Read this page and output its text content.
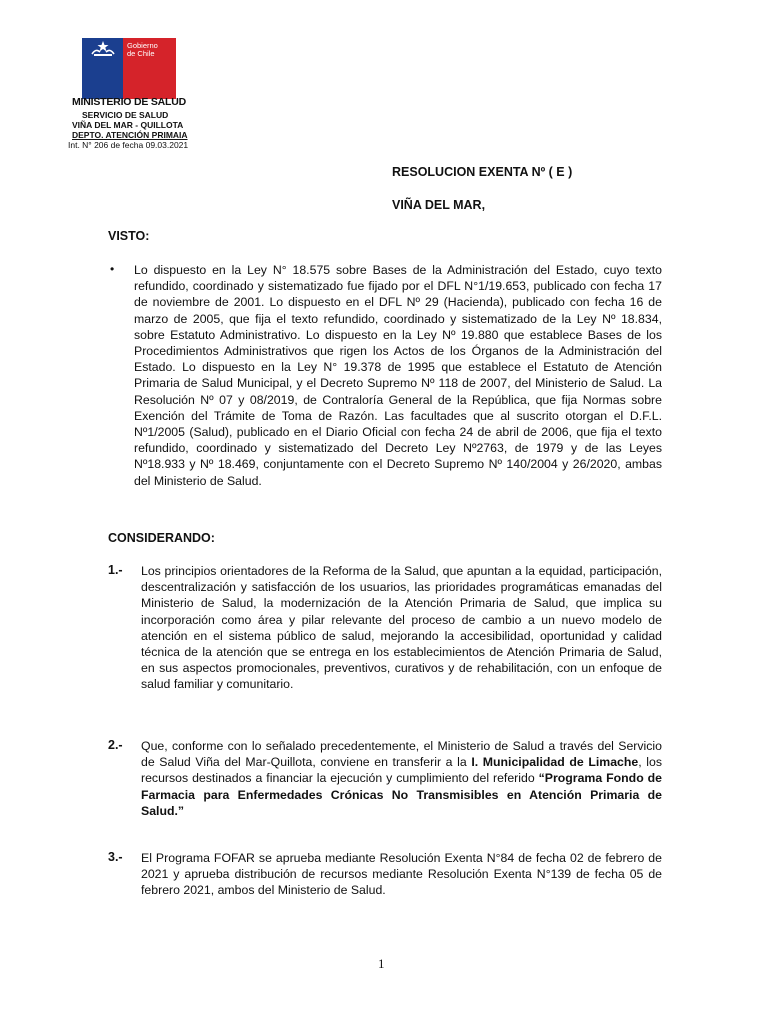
Gobierno
de Chile
MINISTERIO DE SALUD
SERVICIO DE SALUD
VIÑA DEL MAR - QUILLOTA
DEPTO. ATENCIÓN PRIMAIA
Int. N° 206 de fecha 09.03.2021
RESOLUCION EXENTA Nº ( E )
VIÑA DEL MAR,
VISTO:
• Lo dispuesto en la Ley N° 18.575 sobre Bases de la Administración del Estado, cuyo texto refundido, coordinado y sistematizado fue fijado por el DFL N°1/19.653, publicado con fecha 17 de noviembre de 2001. Lo dispuesto en el DFL Nº 29 (Hacienda), publicado con fecha 16 de marzo de 2005, que fija el texto refundido, coordinado y sistematizado de la Ley Nº 18.834, sobre Estatuto Administrativo. Lo dispuesto en la Ley Nº 19.880 que establece Bases de los Procedimientos Administrativos que rigen los Actos de los Órganos de la Administración del Estado. Lo dispuesto en la Ley N° 19.378 de 1995 que establece el Estatuto de Atención Primaria de Salud Municipal, y el Decreto Supremo Nº 118 de 2007, del Ministerio de Salud. La Resolución Nº 07 y 08/2019, de Contraloría General de la República, que fija Normas sobre Exención del Trámite de Toma de Razón. Las facultades que al suscrito otorgan el D.F.L. Nº1/2005 (Salud), publicado en el Diario Oficial con fecha 24 de abril de 2006, que fija el texto refundido, coordinado y sistematizado del Decreto Ley Nº2763, de 1979 y de las Leyes Nº18.933 y Nº 18.469, conjuntamente con el Decreto Supremo Nº 140/2004 y 26/2020, ambas del Ministerio de Salud.
CONSIDERANDO:
1.- Los principios orientadores de la Reforma de la Salud, que apuntan a la equidad, participación, descentralización y satisfacción de los usuarios, las prioridades programáticas emanadas del Ministerio de Salud, la modernización de la Atención Primaria de Salud, que implica su incorporación como área y pilar relevante del proceso de cambio a un nuevo modelo de atención en el sistema público de salud, mejorando la accesibilidad, oportunidad y calidad técnica de la atención que se entrega en los establecimientos de Atención Primaria de Salud, en sus aspectos promocionales, preventivos, curativos y de rehabilitación, con un enfoque de salud familiar y comunitario.
2.- Que, conforme con lo señalado precedentemente, el Ministerio de Salud a través del Servicio de Salud Viña del Mar-Quillota, conviene en transferir a la I. Municipalidad de Limache, los recursos destinados a financiar la ejecución y cumplimiento del referido “Programa Fondo de Farmacia para Enfermedades Crónicas No Transmisibles en Atención Primaria de Salud.”
3.- El Programa FOFAR se aprueba mediante Resolución Exenta N°84 de fecha 02 de febrero de 2021 y aprueba distribución de recursos mediante Resolución Exenta N°139 de fecha 05 de febrero 2021, ambos del Ministerio de Salud.
1
